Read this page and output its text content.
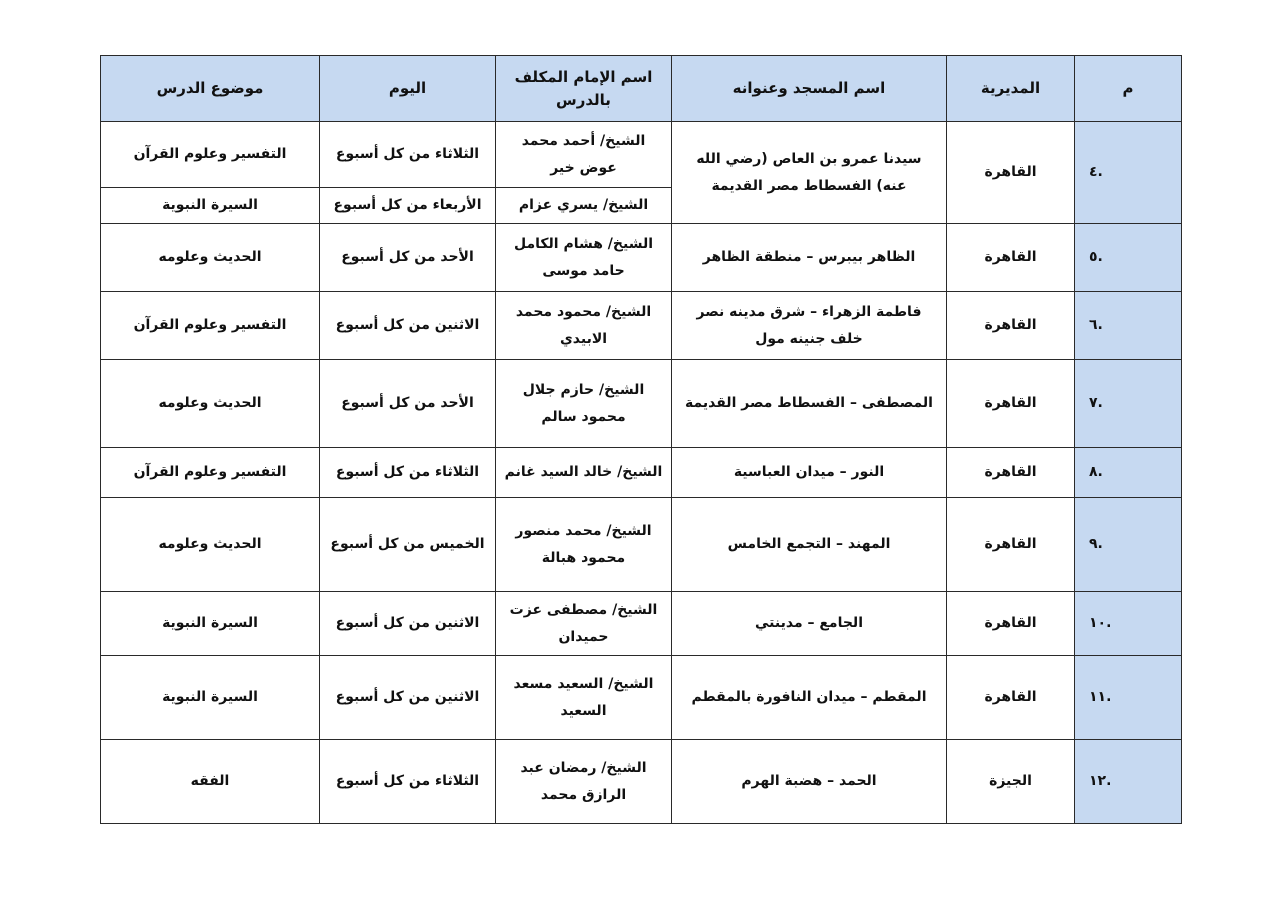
م	المديرية	اسم المسجد وعنوانه	اسم الإمام المكلف بالدرس	اليوم	موضوع الدرس
.٤	القاهرة	سيدنا عمرو بن العاص (رضي الله عنه) الفسطاط مصر القديمة	الشيخ/ أحمد محمد عوض خير	الثلاثاء من كل أسبوع	التفسير وعلوم القرآن
			الشيخ/ يسري عزام	الأربعاء من كل أسبوع	السيرة النبوية
.٥	القاهرة	الظاهر بيبرس – منطقة الظاهر	الشيخ/ هشام الكامل حامد موسى	الأحد من كل أسبوع	الحديث وعلومه
.٦	القاهرة	فاطمة الزهراء – شرق مدينه نصر خلف جنينه مول	الشيخ/ محمود محمد الابيدي	الاثنين من كل أسبوع	التفسير وعلوم القرآن
.٧	القاهرة	المصطفى – الفسطاط مصر القديمة	الشيخ/ حازم جلال محمود سالم	الأحد من كل أسبوع	الحديث وعلومه
.٨	القاهرة	النور – ميدان العباسية	الشيخ/ خالد السيد غانم	الثلاثاء من كل أسبوع	التفسير وعلوم القرآن
.٩	القاهرة	المهند – التجمع الخامس	الشيخ/ محمد منصور محمود هبالة	الخميس من كل أسبوع	الحديث وعلومه
.١٠	القاهرة	الجامع – مدينتي	الشيخ/ مصطفى عزت حميدان	الاثنين من كل أسبوع	السيرة النبوية
.١١	القاهرة	المقطم – ميدان النافورة بالمقطم	الشيخ/ السعيد مسعد السعيد	الاثنين من كل أسبوع	السيرة النبوية
.١٢	الجيزة	الحمد – هضبة الهرم	الشيخ/ رمضان عبد الرازق محمد	الثلاثاء من كل أسبوع	الفقه
